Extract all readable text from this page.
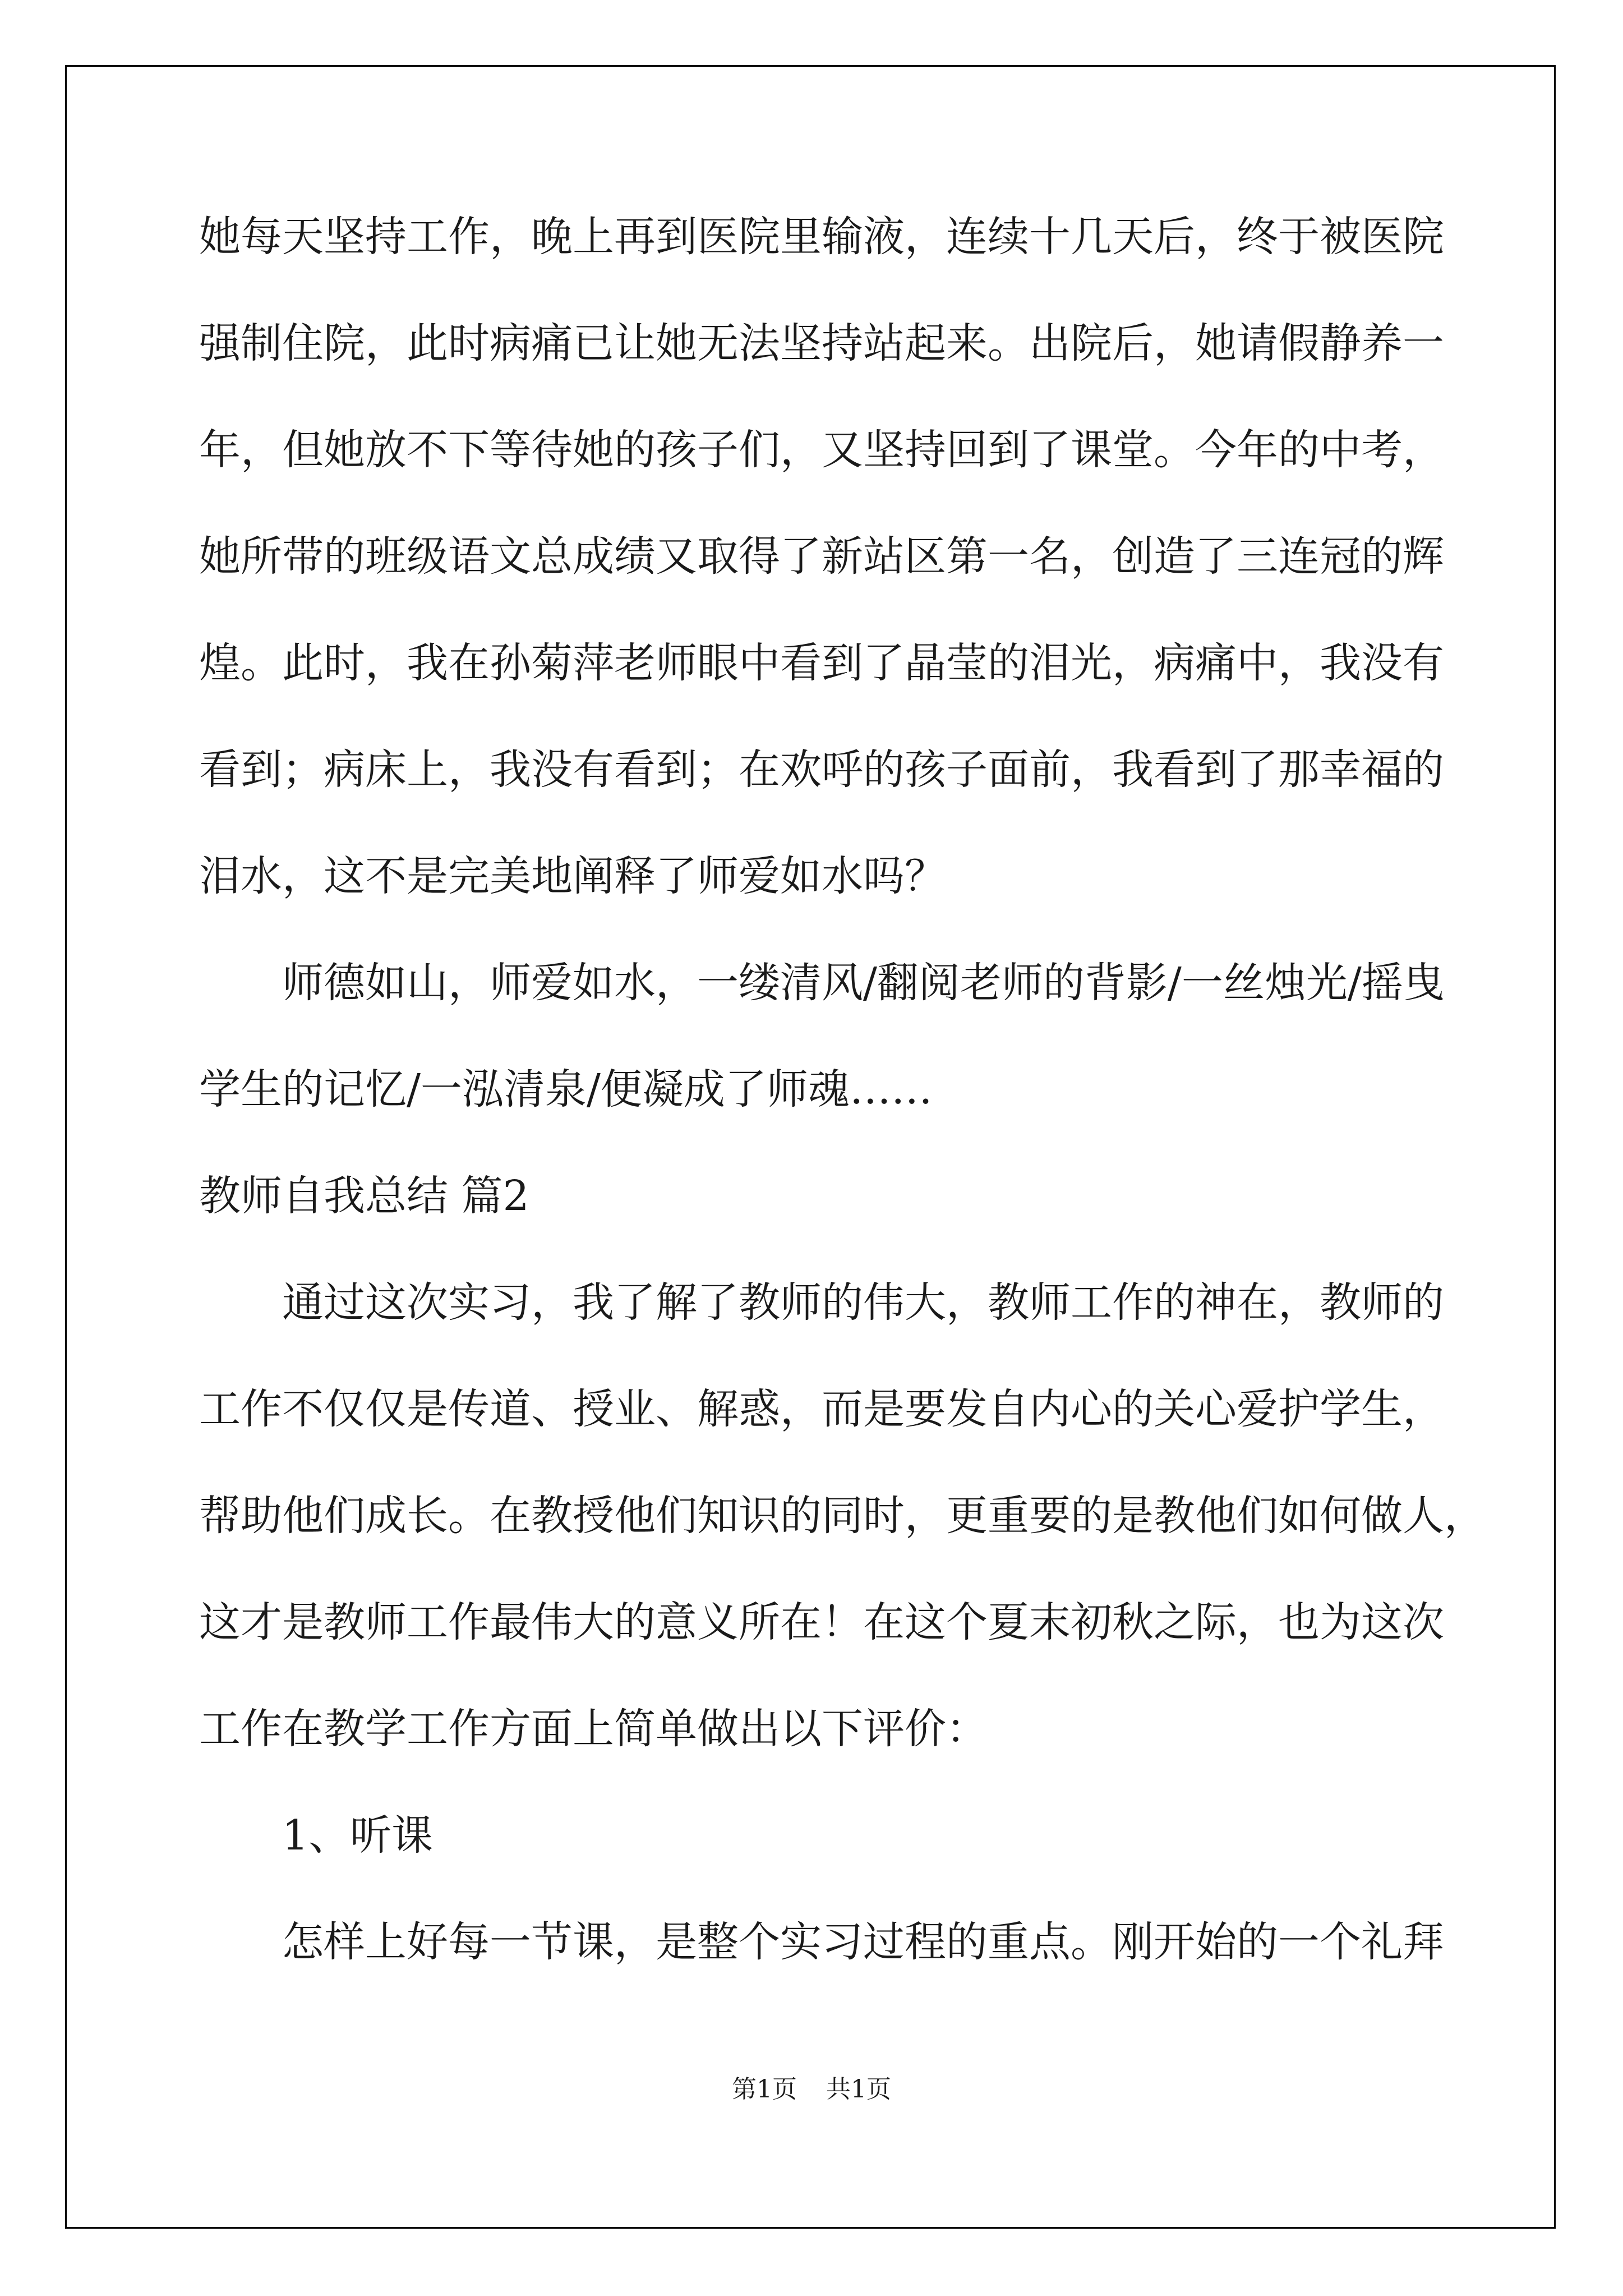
她每天坚持工作，晚上再到医院里输液，连续十几天后，终于被医院
强制住院，此时病痛已让她无法坚持站起来。出院后，她请假静养一
年，但她放不下等待她的孩子们，又坚持回到了课堂。今年的中考，
她所带的班级语文总成绩又取得了新站区第一名，创造了三连冠的辉
煌。此时，我在孙菊萍老师眼中看到了晶莹的泪光，病痛中，我没有
看到；病床上，我没有看到；在欢呼的孩子面前，我看到了那幸福的
泪水，这不是完美地阐释了师爱如水吗？
师德如山，师爱如水，一缕清风/翻阅老师的背影/一丝烛光/摇曳
学生的记忆/一泓清泉/便凝成了师魂……
教师自我总结 篇2
通过这次实习，我了解了教师的伟大，教师工作的神在，教师的
工作不仅仅是传道、授业、解惑，而是要发自内心的关心爱护学生，
帮助他们成长。在教授他们知识的同时，更重要的是教他们如何做人，
这才是教师工作最伟大的意义所在！在这个夏末初秋之际，也为这次
工作在教学工作方面上简单做出以下评价：
1、听课
怎样上好每一节课，是整个实习过程的重点。刚开始的一个礼拜
第1页 共1页
